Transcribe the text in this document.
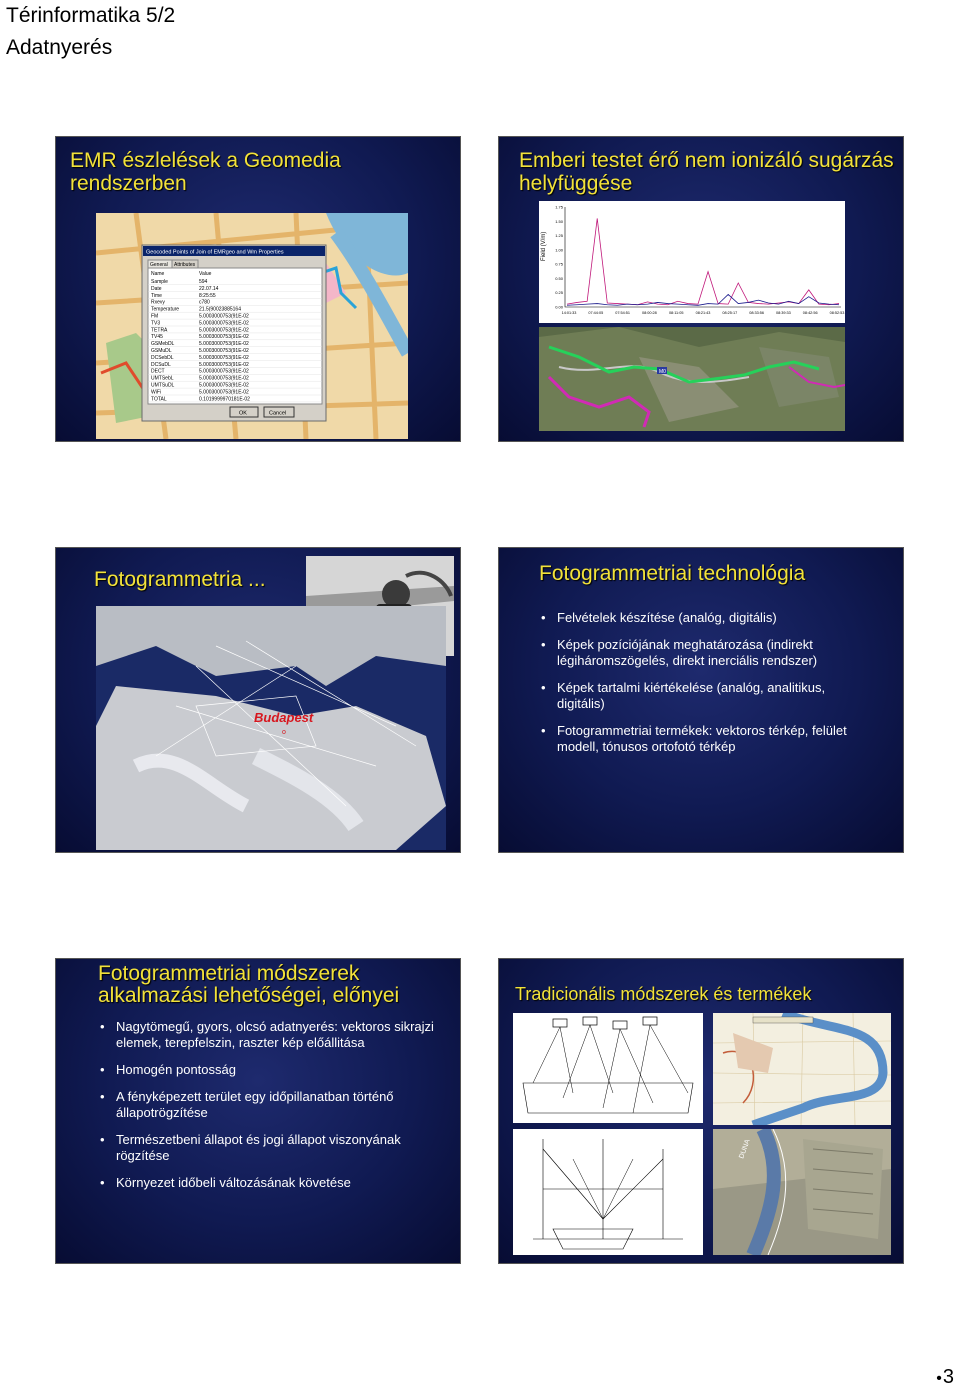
Térinformatika 5/2
Adatnyerés
EMR észlelések a Geomedia rendszerben
Geocoded Points of Join of EMRgeo and Wm Properties
General Attributes
Name	Value
Sample	594
Date	22.07.14
Time	8:25:55
Rxevy	c780
Temperature	21.5(90023885164
FM	5.0003000753(91E-02
TV3	5.0003000753(91E-02
TETRA	5.0003000753(91E-02
TV45	5.0003000753(91E-02
GSMebDL	5.0003000753(91E-02
GSMuDL	5.0003000753(91E-02
DCSebDL	5.0003000753(91E-02
DCSuDL	5.0003000753(91E-02
DECT	5.0003000753(91E-02
UMTSebL	5.0003000753(91E-02
UMTSuDL	5.0003000753(91E-02
WiFi	5.0003000753(91E-02
TOTAL	0.1019999970181E-02
OK	Cancel
Emberi testet érő nem ionizáló sugárzás helyfüggése
Field (V/m)
0.00
0.25
0.50
0.75
1.00
1.25
1.50
1.75
14:01:33	07:44:05	07:54:51	08:00:28	08:11:05	08:21:43	08:25:17	08:33:56	08:39:33	08:42:56	08:52:53
M0
Fotogrammetria ...
Budapest
o
Fotogrammetriai technológia
• Felvételek készítése (analóg, digitális)
• Képek pozíciójának meghatározása (indirekt légiháromszögelés, direkt inerciális rendszer)
• Képek tartalmi kiértékelése (analóg, analitikus, digitális)
• Fotogrammetriai termékek: vektoros térkép, felület modell, tónusos ortofotó térkép
Fotogrammetriai módszerek alkalmazási lehetőségei, előnyei
• Nagytömegű, gyors, olcsó adatnyerés: vektoros sikrajzi elemek, terepfelszin, raszter kép előállitása
• Homogén pontosság
• A fényképezett terület egy időpillanatban történő állapotrögzítése
• Természetbeni állapot és jogi állapot viszonyának rögzítése
• Környezet időbeli változásának követése
Tradicionális módszerek és termékek
DUNA
• 3
